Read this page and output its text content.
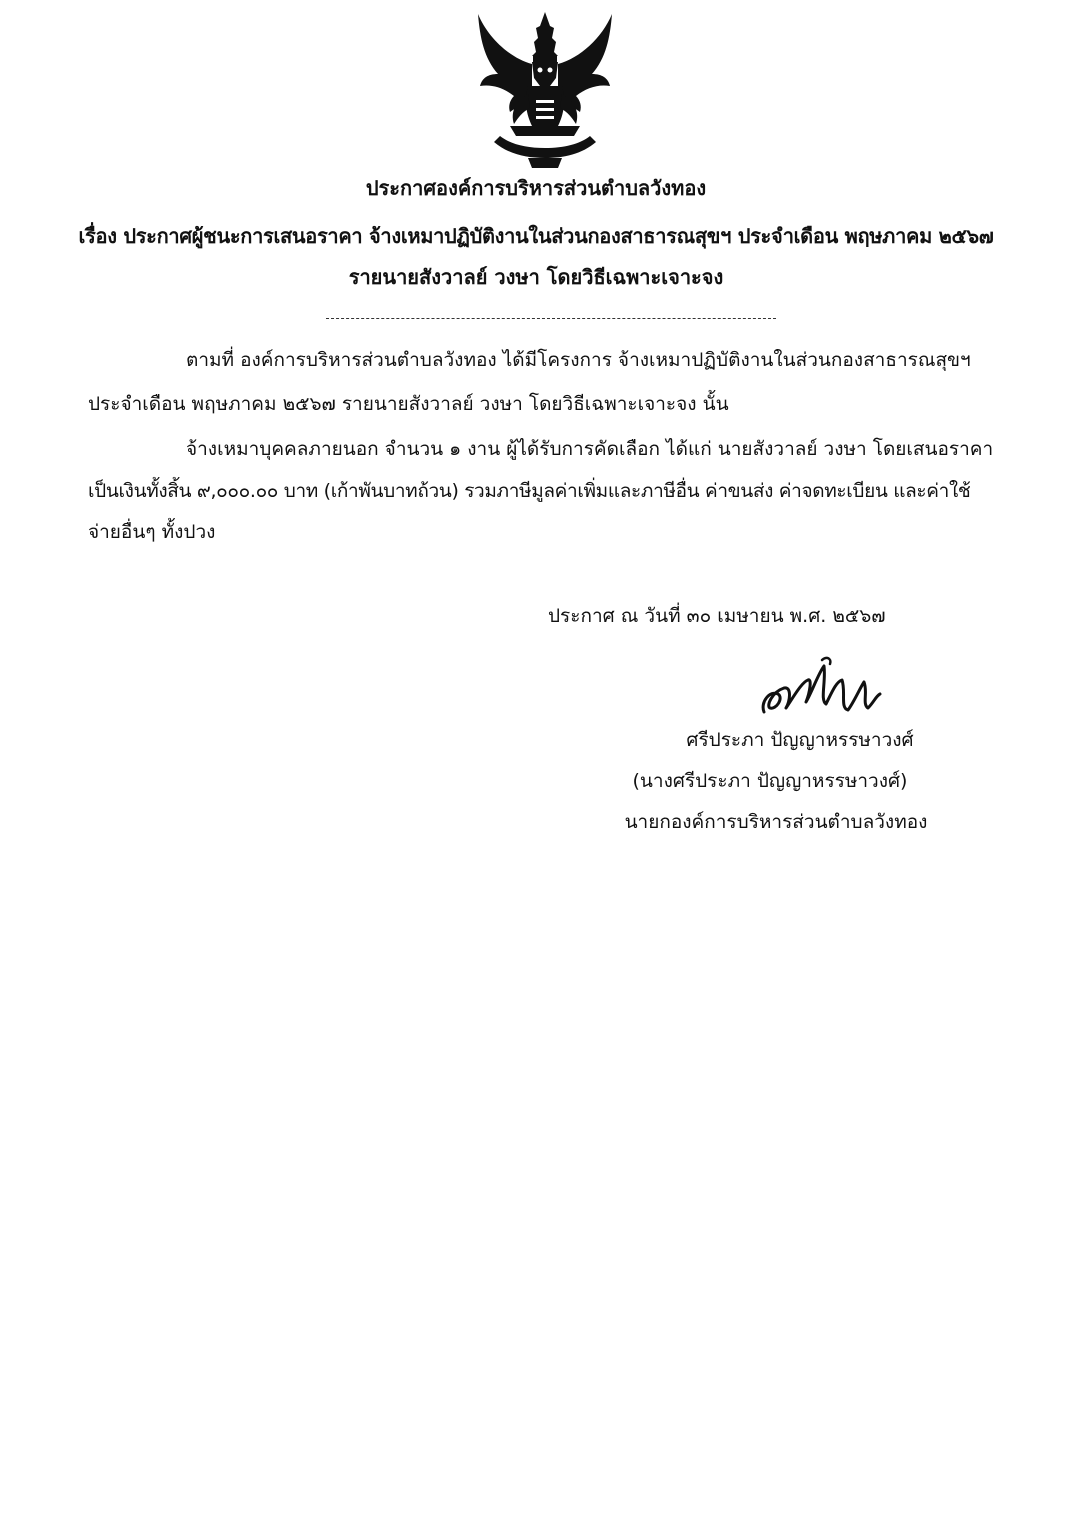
ประกาศองค์การบริหารส่วนตำบลวังทอง
เรื่อง ประกาศผู้ชนะการเสนอราคา จ้างเหมาปฏิบัติงานในส่วนกองสาธารณสุขฯ ประจำเดือน พฤษภาคม ๒๕๖๗
รายนายสังวาลย์ วงษา โดยวิธีเฉพาะเจาะจง
ตามที่ องค์การบริหารส่วนตำบลวังทอง ได้มีโครงการ จ้างเหมาปฏิบัติงานในส่วนกองสาธารณสุขฯ
ประจำเดือน พฤษภาคม ๒๕๖๗ รายนายสังวาลย์ วงษา โดยวิธีเฉพาะเจาะจง นั้น
จ้างเหมาบุคคลภายนอก จำนวน ๑ งาน ผู้ได้รับการคัดเลือก ได้แก่ นายสังวาลย์ วงษา โดยเสนอราคา
เป็นเงินทั้งสิ้น ๙,๐๐๐.๐๐ บาท (เก้าพันบาทถ้วน) รวมภาษีมูลค่าเพิ่มและภาษีอื่น ค่าขนส่ง ค่าจดทะเบียน และค่าใช้
จ่ายอื่นๆ ทั้งปวง
ประกาศ ณ วันที่ ๓๐ เมษายน พ.ศ. ๒๕๖๗
ศรีประภา ปัญญาหรรษาวงศ์
(นางศรีประภา ปัญญาหรรษาวงศ์)
นายกองค์การบริหารส่วนตำบลวังทอง
